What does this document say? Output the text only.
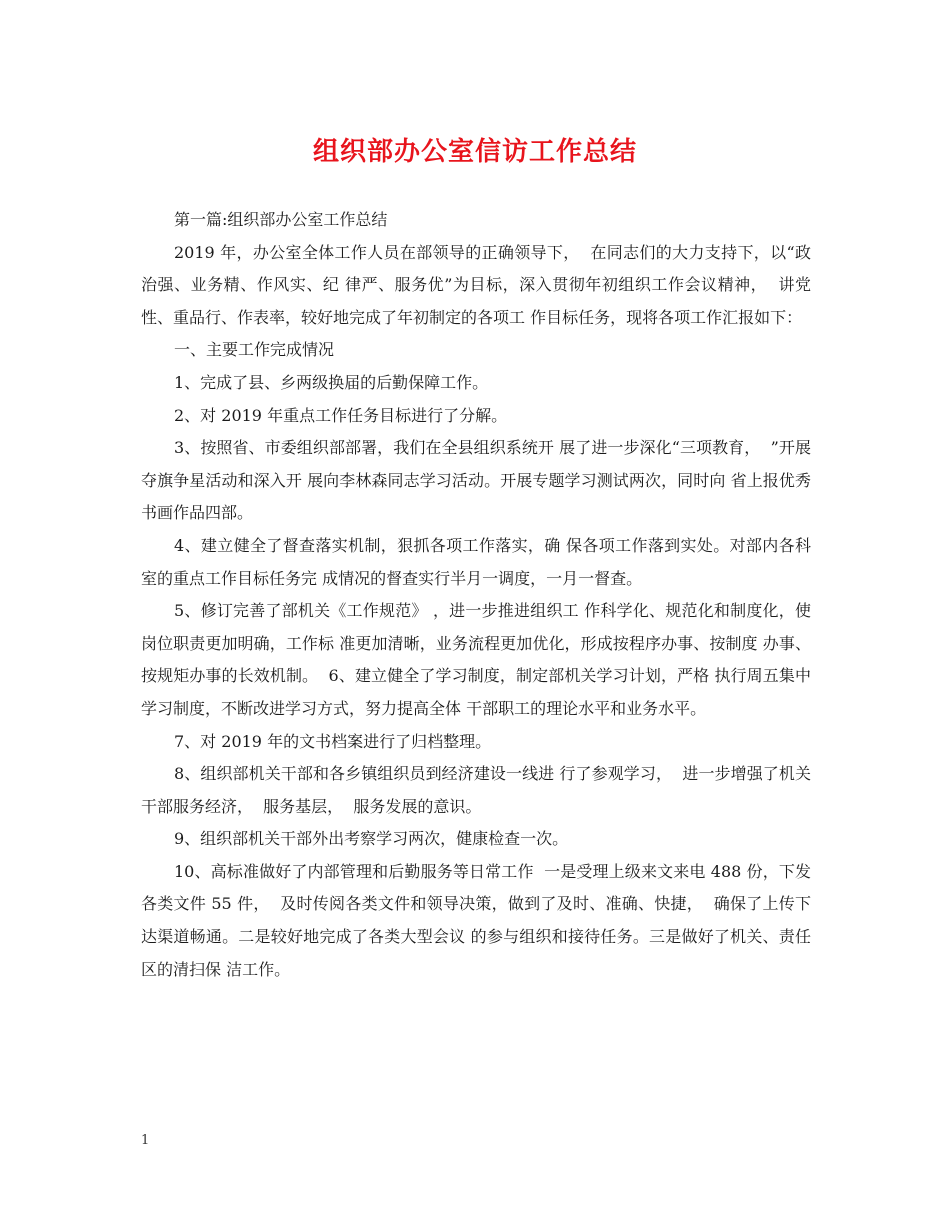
组织部办公室信访工作总结

第一篇:组织部办公室工作总结

2019 年，办公室全体工作人员在部领导的正确领导下，  在同志们的大力支持下，以“政治强、业务精、作风实、纪 律严、服务优”为目标，深入贯彻年初组织工作会议精神，  讲党性、重品行、作表率，较好地完成了年初制定的各项工 作目标任务，现将各项工作汇报如下：

一、主要工作完成情况

1、完成了县、乡两级换届的后勤保障工作。

2、对 2019 年重点工作任务目标进行了分解。

3、按照省、市委组织部部署，我们在全县组织系统开 展了进一步深化“三项教育，  ”开展夺旗争星活动和深入开 展向李林森同志学习活动。开展专题学习测试两次，同时向 省上报优秀书画作品四部。

4、建立健全了督查落实机制，狠抓各项工作落实，确 保各项工作落到实处。对部内各科室的重点工作目标任务完 成情况的督查实行半月一调度，一月一督查。

5、修订完善了部机关《工作规范》 ，进一步推进组织工 作科学化、规范化和制度化，使岗位职责更加明确，工作标 准更加清晰，业务流程更加优化，形成按程序办事、按制度 办事、按规矩办事的长效机制。  6、建立健全了学习制度，制定部机关学习计划，严格 执行周五集中学习制度，不断改进学习方式，努力提高全体 干部职工的理论水平和业务水平。

7、对 2019 年的文书档案进行了归档整理。

8、组织部机关干部和各乡镇组织员到经济建设一线进 行了参观学习，  进一步增强了机关干部服务经济，  服务基层，  服务发展的意识。

9、组织部机关干部外出考察学习两次，健康检查一次。

10、高标准做好了内部管理和后勤服务等日常工作  一是受理上级来文来电 488 份，下发各类文件 55 件，  及时传阅各类文件和领导决策，做到了及时、准确、快捷，  确保了上传下达渠道畅通。二是较好地完成了各类大型会议 的参与组织和接待任务。三是做好了机关、责任区的清扫保 洁工作。

1
